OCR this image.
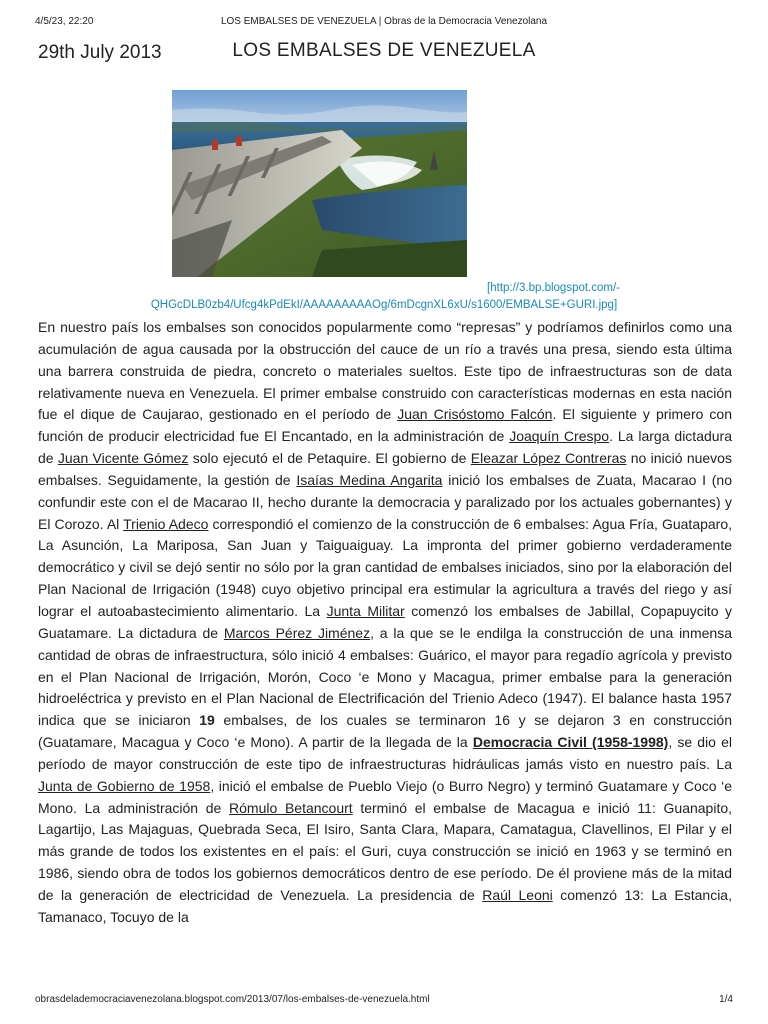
4/5/23, 22:20	LOS EMBALSES DE VENEZUELA | Obras de la Democracia Venezolana
29th July 2013	LOS EMBALSES DE VENEZUELA
[http://3.bp.blogspot.com/-
QHGcDLB0zb4/Ufcg4kPdEkI/AAAAAAAAAOg/6mDcgnXL6xU/s1600/EMBALSE+GURI.jpg]

En nuestro país los embalses son conocidos popularmente como “represas” y podríamos definirlos como una acumulación de agua causada por la obstrucción del cauce de un río a través una presa, siendo esta última una barrera construida de piedra, concreto o materiales sueltos. Este tipo de infraestructuras son de data relativamente nueva en Venezuela. El primer embalse construido con características modernas en esta nación fue el dique de Caujarao, gestionado en el período de Juan Crisóstomo Falcón. El siguiente y primero con función de producir electricidad fue El Encantado, en la administración de Joaquín Crespo. La larga dictadura de Juan Vicente Gómez solo ejecutó el de Petaquire. El gobierno de Eleazar López Contreras no inició nuevos embalses. Seguidamente, la gestión de Isaías Medina Angarita inició los embalses de Zuata, Macarao I (no confundir este con el de Macarao II, hecho durante la democracia y paralizado por los actuales gobernantes) y El Corozo. Al Trienio Adeco correspondió el comienzo de la construcción de 6 embalses: Agua Fría, Guataparo, La Asunción, La Mariposa, San Juan y Taiguaiguay. La impronta del primer gobierno verdaderamente democrático y civil se dejó sentir no sólo por la gran cantidad de embalses iniciados, sino por la elaboración del Plan Nacional de Irrigación (1948) cuyo objetivo principal era estimular la agricultura a través del riego y así lograr el autoabastecimiento alimentario. La Junta Militar comenzó los embalses de Jabillal, Copapuycito y Guatamare. La dictadura de Marcos Pérez Jiménez, a la que se le endilga la construcción de una inmensa cantidad de obras de infraestructura, sólo inició 4 embalses: Guárico, el mayor para regadío agrícola y previsto en el Plan Nacional de Irrigación, Morón, Coco ‘e Mono y Macagua, primer embalse para la generación hidroeléctrica y previsto en el Plan Nacional de Electrificación del Trienio Adeco (1947). El balance hasta 1957 indica que se iniciaron 19 embalses, de los cuales se terminaron 16 y se dejaron 3 en construcción (Guatamare, Macagua y Coco ‘e Mono). A partir de la llegada de la Democracia Civil (1958-1998), se dio el período de mayor construcción de este tipo de infraestructuras hidráulicas jamás visto en nuestro país. La Junta de Gobierno de 1958, inició el embalse de Pueblo Viejo (o Burro Negro) y terminó Guatamare y Coco ‘e Mono. La administración de Rómulo Betancourt terminó el embalse de Macagua e inició 11: Guanapito, Lagartijo, Las Majaguas, Quebrada Seca, El Isiro, Santa Clara, Mapara, Camatagua, Clavellinos, El Pilar y el más grande de todos los existentes en el país: el Guri, cuya construcción se inició en 1963 y se terminó en 1986, siendo obra de todos los gobiernos democráticos dentro de ese período. De él proviene más de la mitad de la generación de electricidad de Venezuela. La presidencia de Raúl Leoni comenzó 13: La Estancia, Tamanaco, Tocuyo de la

obrasdelademocraciavenezolana.blogspot.com/2013/07/los-embalses-de-venezuela.html	1/4
